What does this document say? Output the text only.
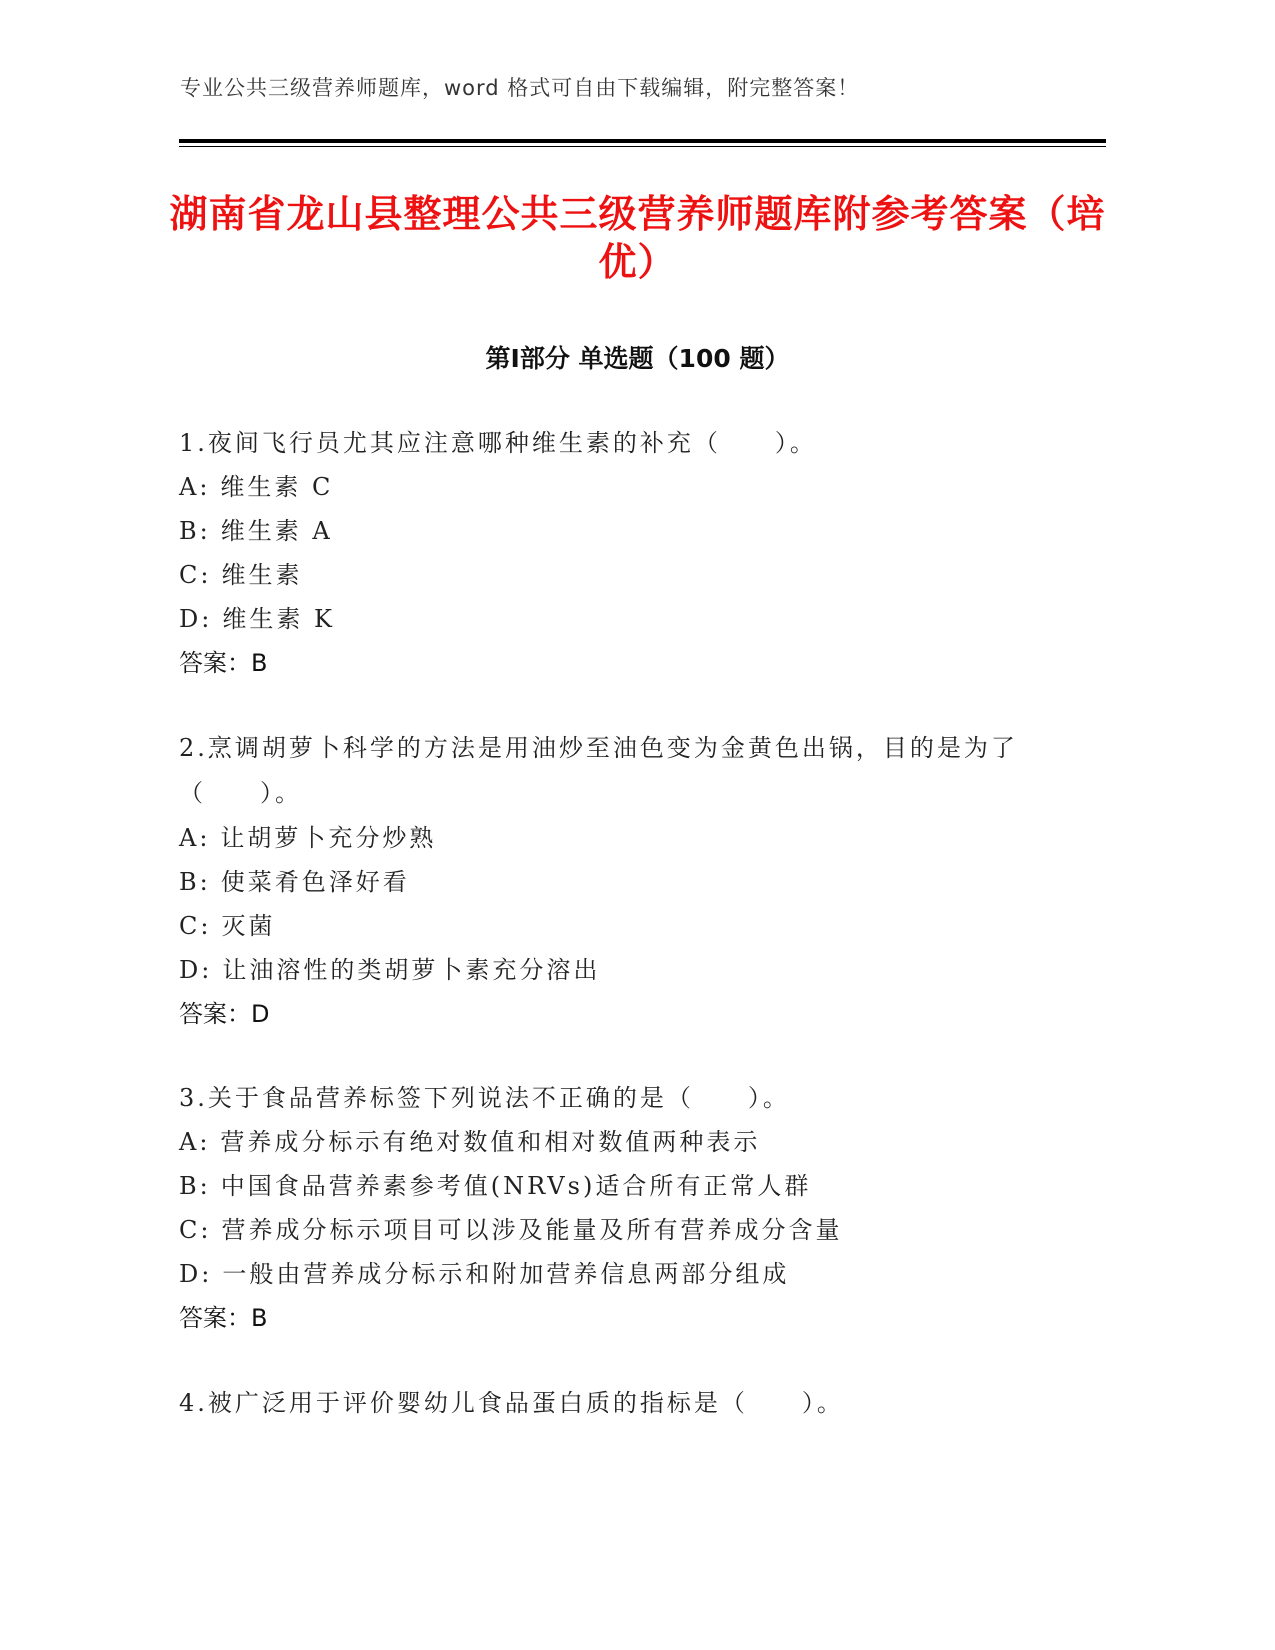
专业公共三级营养师题库，word 格式可自由下载编辑，附完整答案！
湖南省龙山县整理公共三级营养师题库附参考答案（培优）
第Ⅰ部分 单选题（100 题）
1.夜间飞行员尤其应注意哪种维生素的补充（　　）。
A: 维生素 C
B: 维生素 A
C: 维生素
D: 维生素 K
答案：B
2.烹调胡萝卜科学的方法是用油炒至油色变为金黄色出锅，目的是为了（　　）。
A: 让胡萝卜充分炒熟
B: 使菜肴色泽好看
C: 灭菌
D: 让油溶性的类胡萝卜素充分溶出
答案：D
3.关于食品营养标签下列说法不正确的是（　　）。
A: 营养成分标示有绝对数值和相对数值两种表示
B: 中国食品营养素参考值(NRVs)适合所有正常人群
C: 营养成分标示项目可以涉及能量及所有营养成分含量
D: 一般由营养成分标示和附加营养信息两部分组成
答案：B
4.被广泛用于评价婴幼儿食品蛋白质的指标是（　　）。
